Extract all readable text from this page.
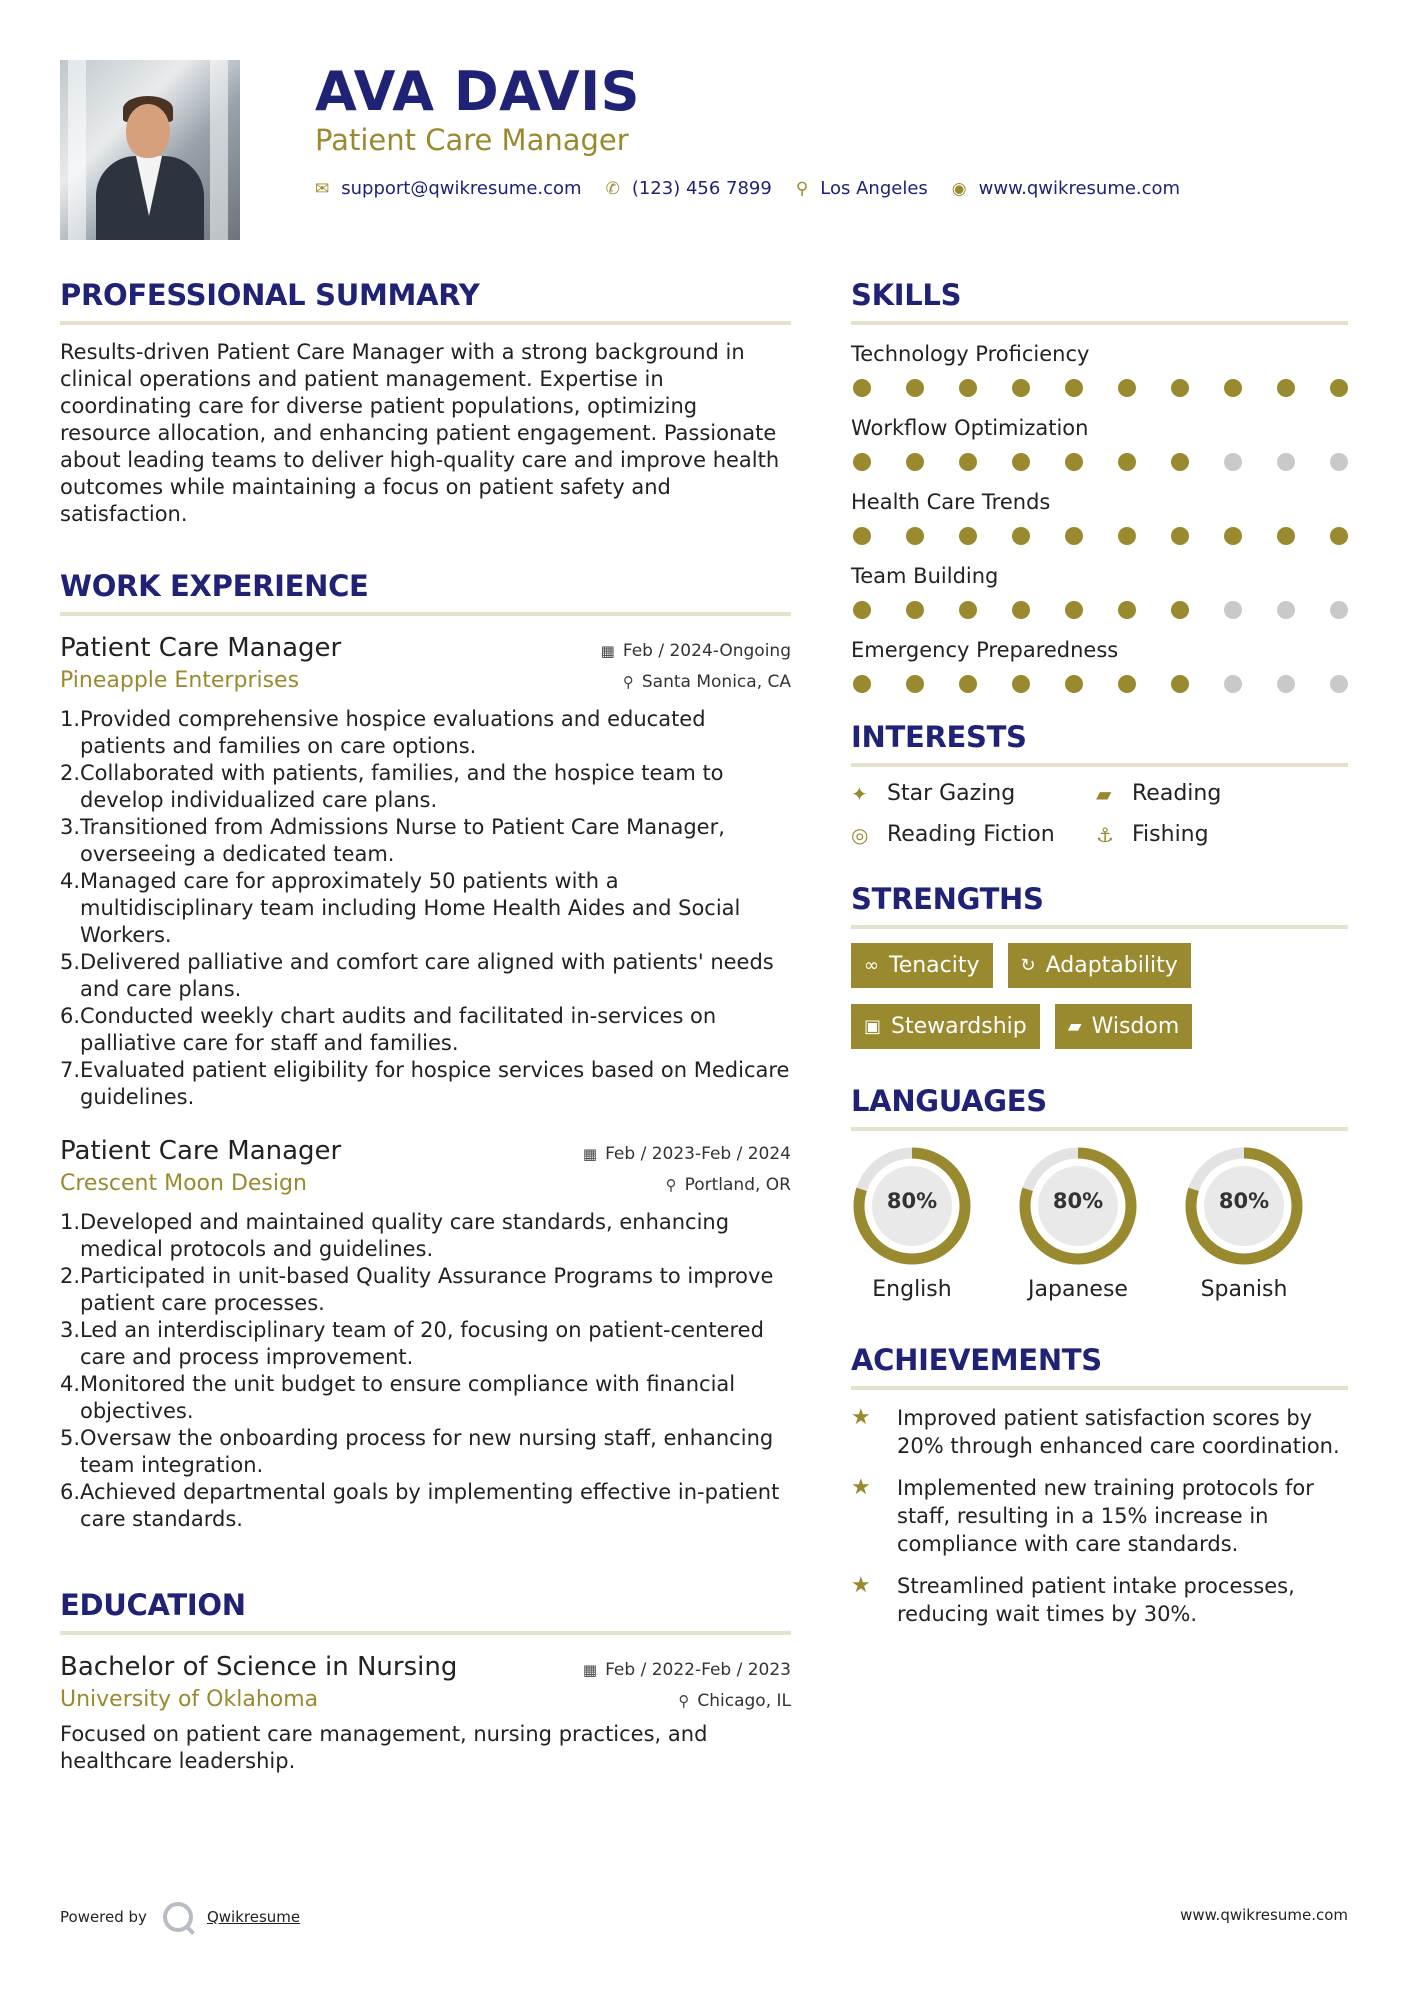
AVA DAVIS
Patient Care Manager
✉ support@qwikresume.com ✆ (123) 456 7899 ⚲ Los Angeles ◉ www.qwikresume.com
PROFESSIONAL SUMMARY

Results-driven Patient Care Manager with a strong background in clinical operations and patient management. Expertise in coordinating care for diverse patient populations, optimizing resource allocation, and enhancing patient engagement. Passionate about leading teams to deliver high-quality care and improve health outcomes while maintaining a focus on patient safety and satisfaction.

WORK EXPERIENCE
Patient Care Manager	▦ Feb / 2024-Ongoing
Pineapple Enterprises	⚲ Santa Monica, CA
1. Provided comprehensive hospice evaluations and educated patients and families on care options.
2. Collaborated with patients, families, and the hospice team to develop individualized care plans.
3. Transitioned from Admissions Nurse to Patient Care Manager, overseeing a dedicated team.
4. Managed care for approximately 50 patients with a multidisciplinary team including Home Health Aides and Social Workers.
5. Delivered palliative and comfort care aligned with patients' needs and care plans.
6. Conducted weekly chart audits and facilitated in-services on palliative care for staff and families.
7. Evaluated patient eligibility for hospice services based on Medicare guidelines.
Patient Care Manager	▦ Feb / 2023-Feb / 2024
Crescent Moon Design	⚲ Portland, OR
1. Developed and maintained quality care standards, enhancing medical protocols and guidelines.
2. Participated in unit-based Quality Assurance Programs to improve patient care processes.
3. Led an interdisciplinary team of 20, focusing on patient-centered care and process improvement.
4. Monitored the unit budget to ensure compliance with financial objectives.
5. Oversaw the onboarding process for new nursing staff, enhancing team integration.
6. Achieved departmental goals by implementing effective in-patient care standards.
EDUCATION
Bachelor of Science in Nursing	▦ Feb / 2022-Feb / 2023
University of Oklahoma	⚲ Chicago, IL

Focused on patient care management, nursing practices, and healthcare leadership.

SKILLS
Technology Proficiency
Workflow Optimization
Health Care Trends
Team Building
Emergency Preparedness
INTERESTS
✦ Star Gazing	▰ Reading
◎ Reading Fiction ⚓ Fishing
STRENGTHS
∞ Tenacity ↻ Adaptability
▣ Stewardship ▰ Wisdom
LANGUAGES
80%
English
80%
Japanese
80%
Spanish
ACHIEVEMENTS
★	Improved patient satisfaction scores by 20% through enhanced care coordination.
★	Implemented new training protocols for staff, resulting in a 15% increase in compliance with care standards.
★	Streamlined patient intake processes, reducing wait times by 30%.
Powered by	Qwikresume	www.qwikresume.com
